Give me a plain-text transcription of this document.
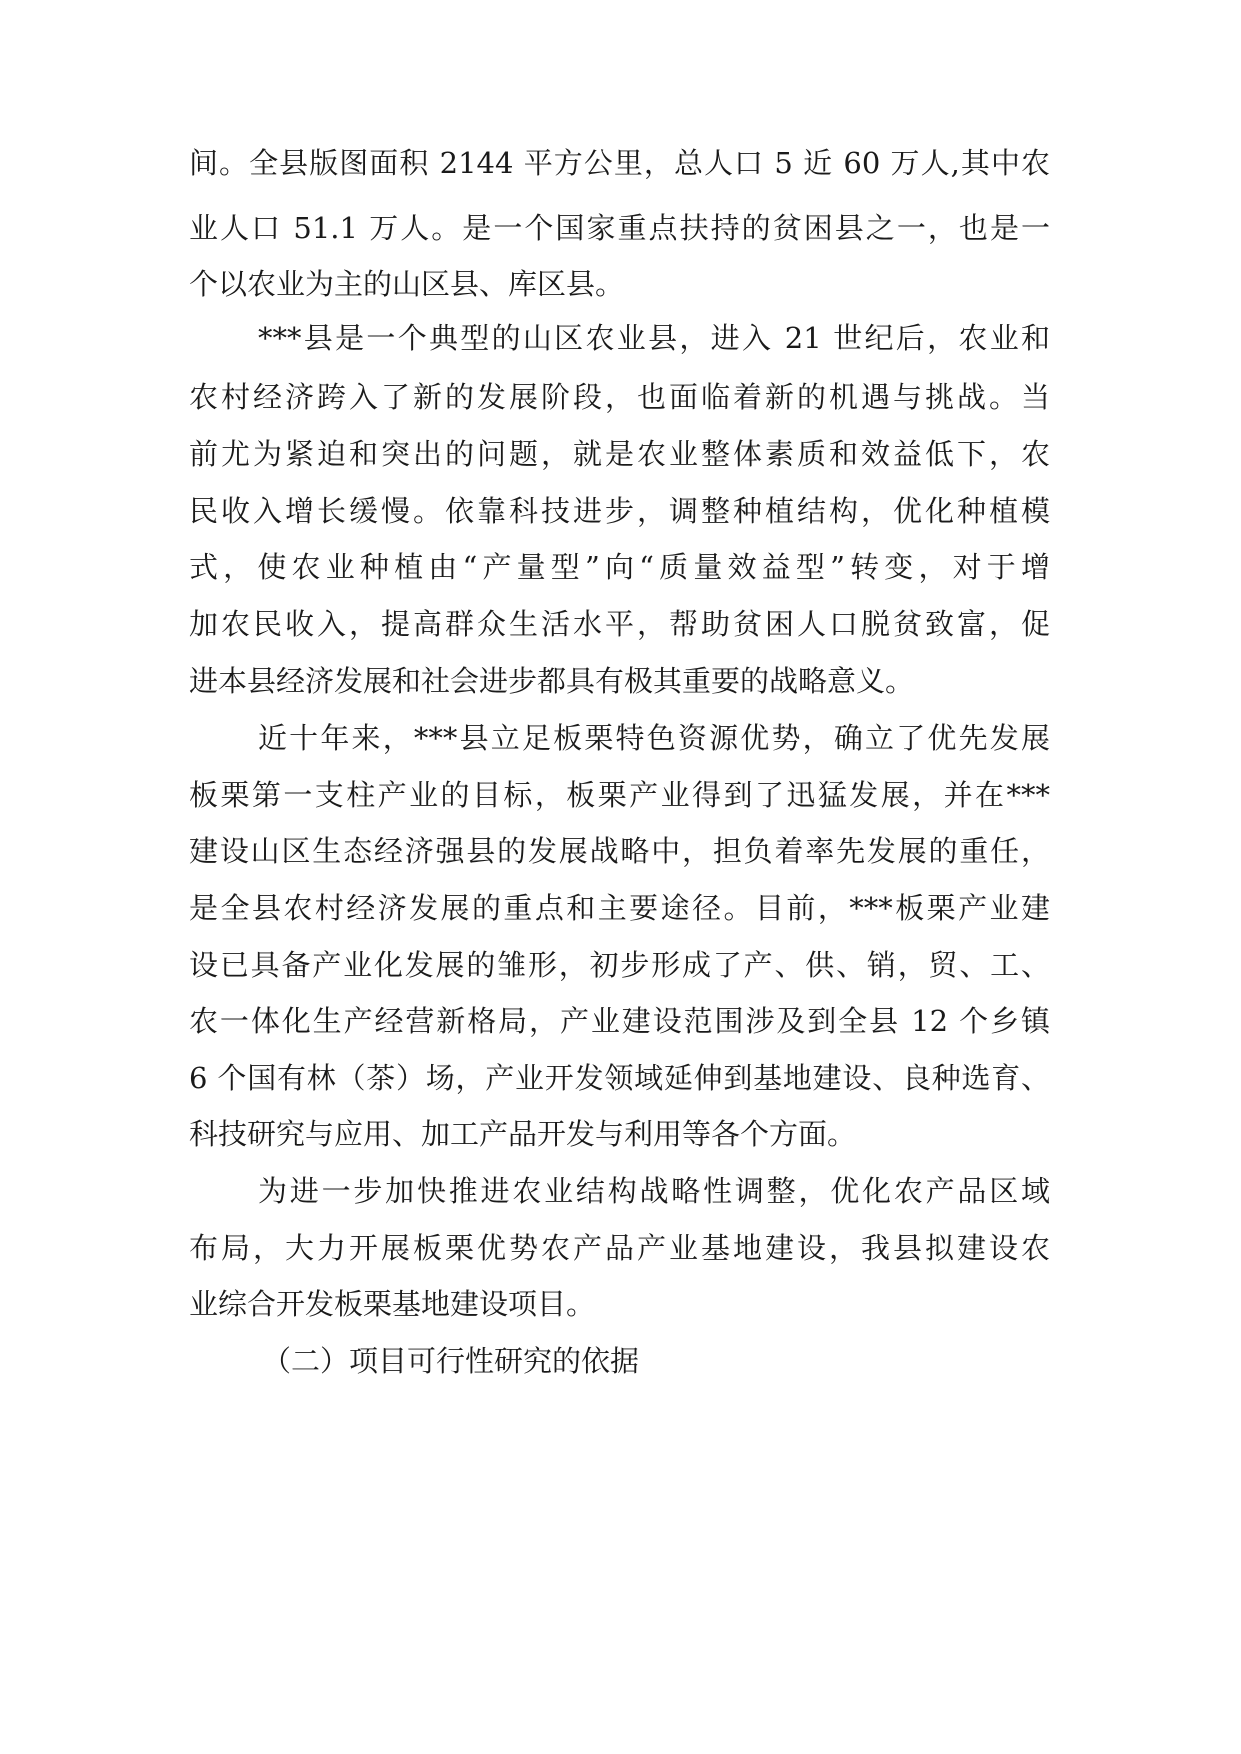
间。全县版图面积 2144 平方公里，总人口 5 近 60 万人,其中农
业人口 51.1 万人。是一个国家重点扶持的贫困县之一，也是一
个以农业为主的山区县、库区县。
***县是一个典型的山区农业县，进入 21 世纪后，农业和
农村经济跨入了新的发展阶段，也面临着新的机遇与挑战。当
前尤为紧迫和突出的问题，就是农业整体素质和效益低下，农
民收入增长缓慢。依靠科技进步，调整种植结构，优化种植模
式，使农业种植由“产量型”向“质量效益型”转变，对于增
加农民收入，提高群众生活水平，帮助贫困人口脱贫致富，促
进本县经济发展和社会进步都具有极其重要的战略意义。
近十年来，***县立足板栗特色资源优势，确立了优先发展
板栗第一支柱产业的目标，板栗产业得到了迅猛发展，并在***
建设山区生态经济强县的发展战略中，担负着率先发展的重任，
是全县农村经济发展的重点和主要途径。目前，***板栗产业建
设已具备产业化发展的雏形，初步形成了产、供、销，贸、工、
农一体化生产经营新格局，产业建设范围涉及到全县 12 个乡镇
6 个国有林（茶）场，产业开发领域延伸到基地建设、良种选育、
科技研究与应用、加工产品开发与利用等各个方面。
为进一步加快推进农业结构战略性调整，优化农产品区域
布局，大力开展板栗优势农产品产业基地建设，我县拟建设农
业综合开发板栗基地建设项目。
（二）项目可行性研究的依据
